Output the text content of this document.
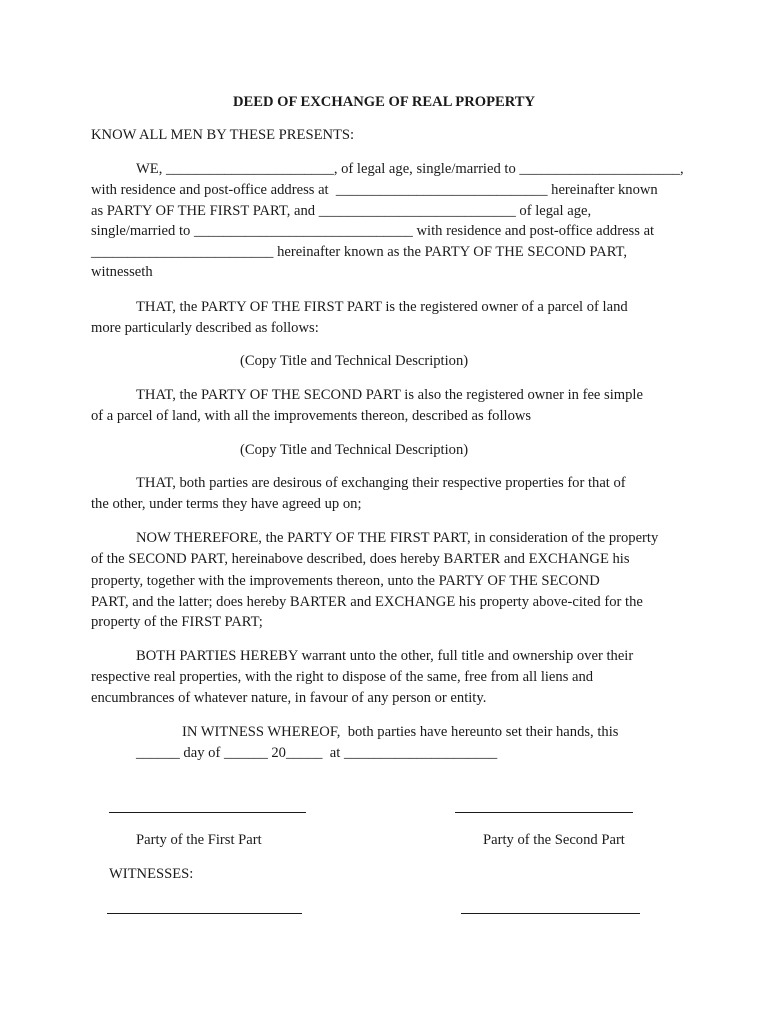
DEED OF EXCHANGE OF REAL PROPERTY
KNOW ALL MEN BY THESE PRESENTS:
WE, _______________________, of legal age, single/married to ______________________,
with residence and post-office address at  _____________________________ hereinafter known
as PARTY OF THE FIRST PART, and ___________________________ of legal age,
single/married to ______________________________ with residence and post-office address at
_________________________ hereinafter known as the PARTY OF THE SECOND PART,
witnesseth
THAT, the PARTY OF THE FIRST PART is the registered owner of a parcel of land
more particularly described as follows:
(Copy Title and Technical Description)
THAT, the PARTY OF THE SECOND PART is also the registered owner in fee simple
of a parcel of land, with all the improvements thereon, described as follows
(Copy Title and Technical Description)
THAT, both parties are desirous of exchanging their respective properties for that of
the other, under terms they have agreed up on;
NOW THEREFORE, the PARTY OF THE FIRST PART, in consideration of the property
of the SECOND PART, hereinabove described, does hereby BARTER and EXCHANGE his
property, together with the improvements thereon, unto the PARTY OF THE SECOND
PART, and the latter; does hereby BARTER and EXCHANGE his property above-cited for the
property of the FIRST PART;
BOTH PARTIES HEREBY warrant unto the other, full title and ownership over their
respective real properties, with the right to dispose of the same, free from all liens and
encumbrances of whatever nature, in favour of any person or entity.
IN WITNESS WHEREOF,  both parties have hereunto set their hands, this
______ day of ______ 20_____  at _____________________
Party of the First Part	Party of the Second Part
WITNESSES:
